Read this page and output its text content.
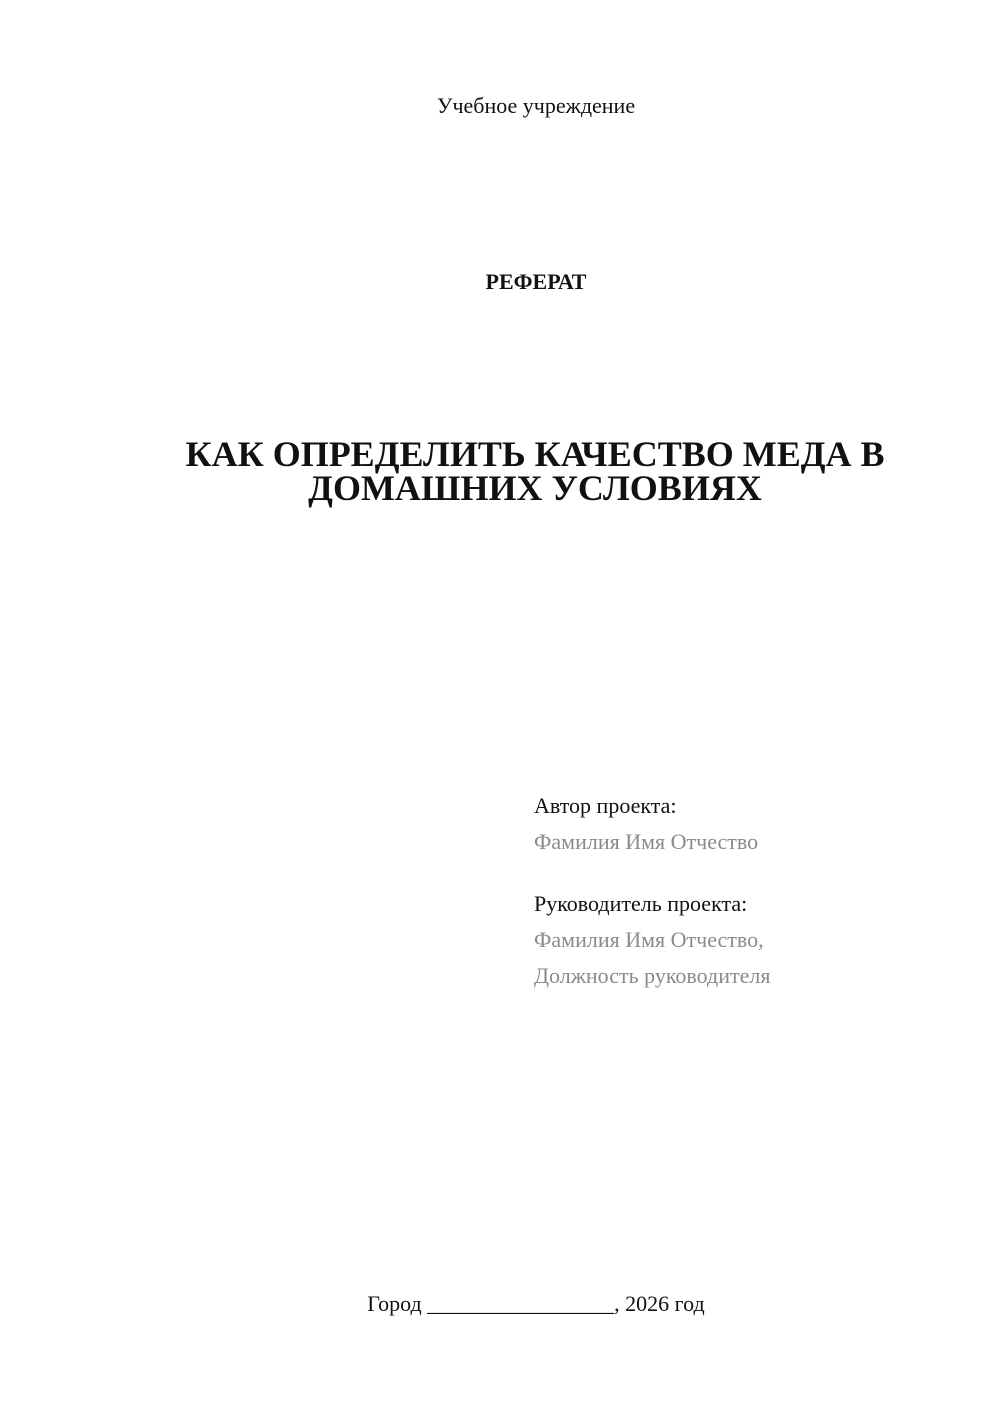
Учебное учреждение
РЕФЕРАТ
КАК ОПРЕДЕЛИТЬ КАЧЕСТВО МЕДА В
ДОМАШНИХ УСЛОВИЯХ
Автор проекта:
Фамилия Имя Отчество
Руководитель проекта:
Фамилия Имя Отчество,
Должность руководителя
Город _________________, 2026 год
